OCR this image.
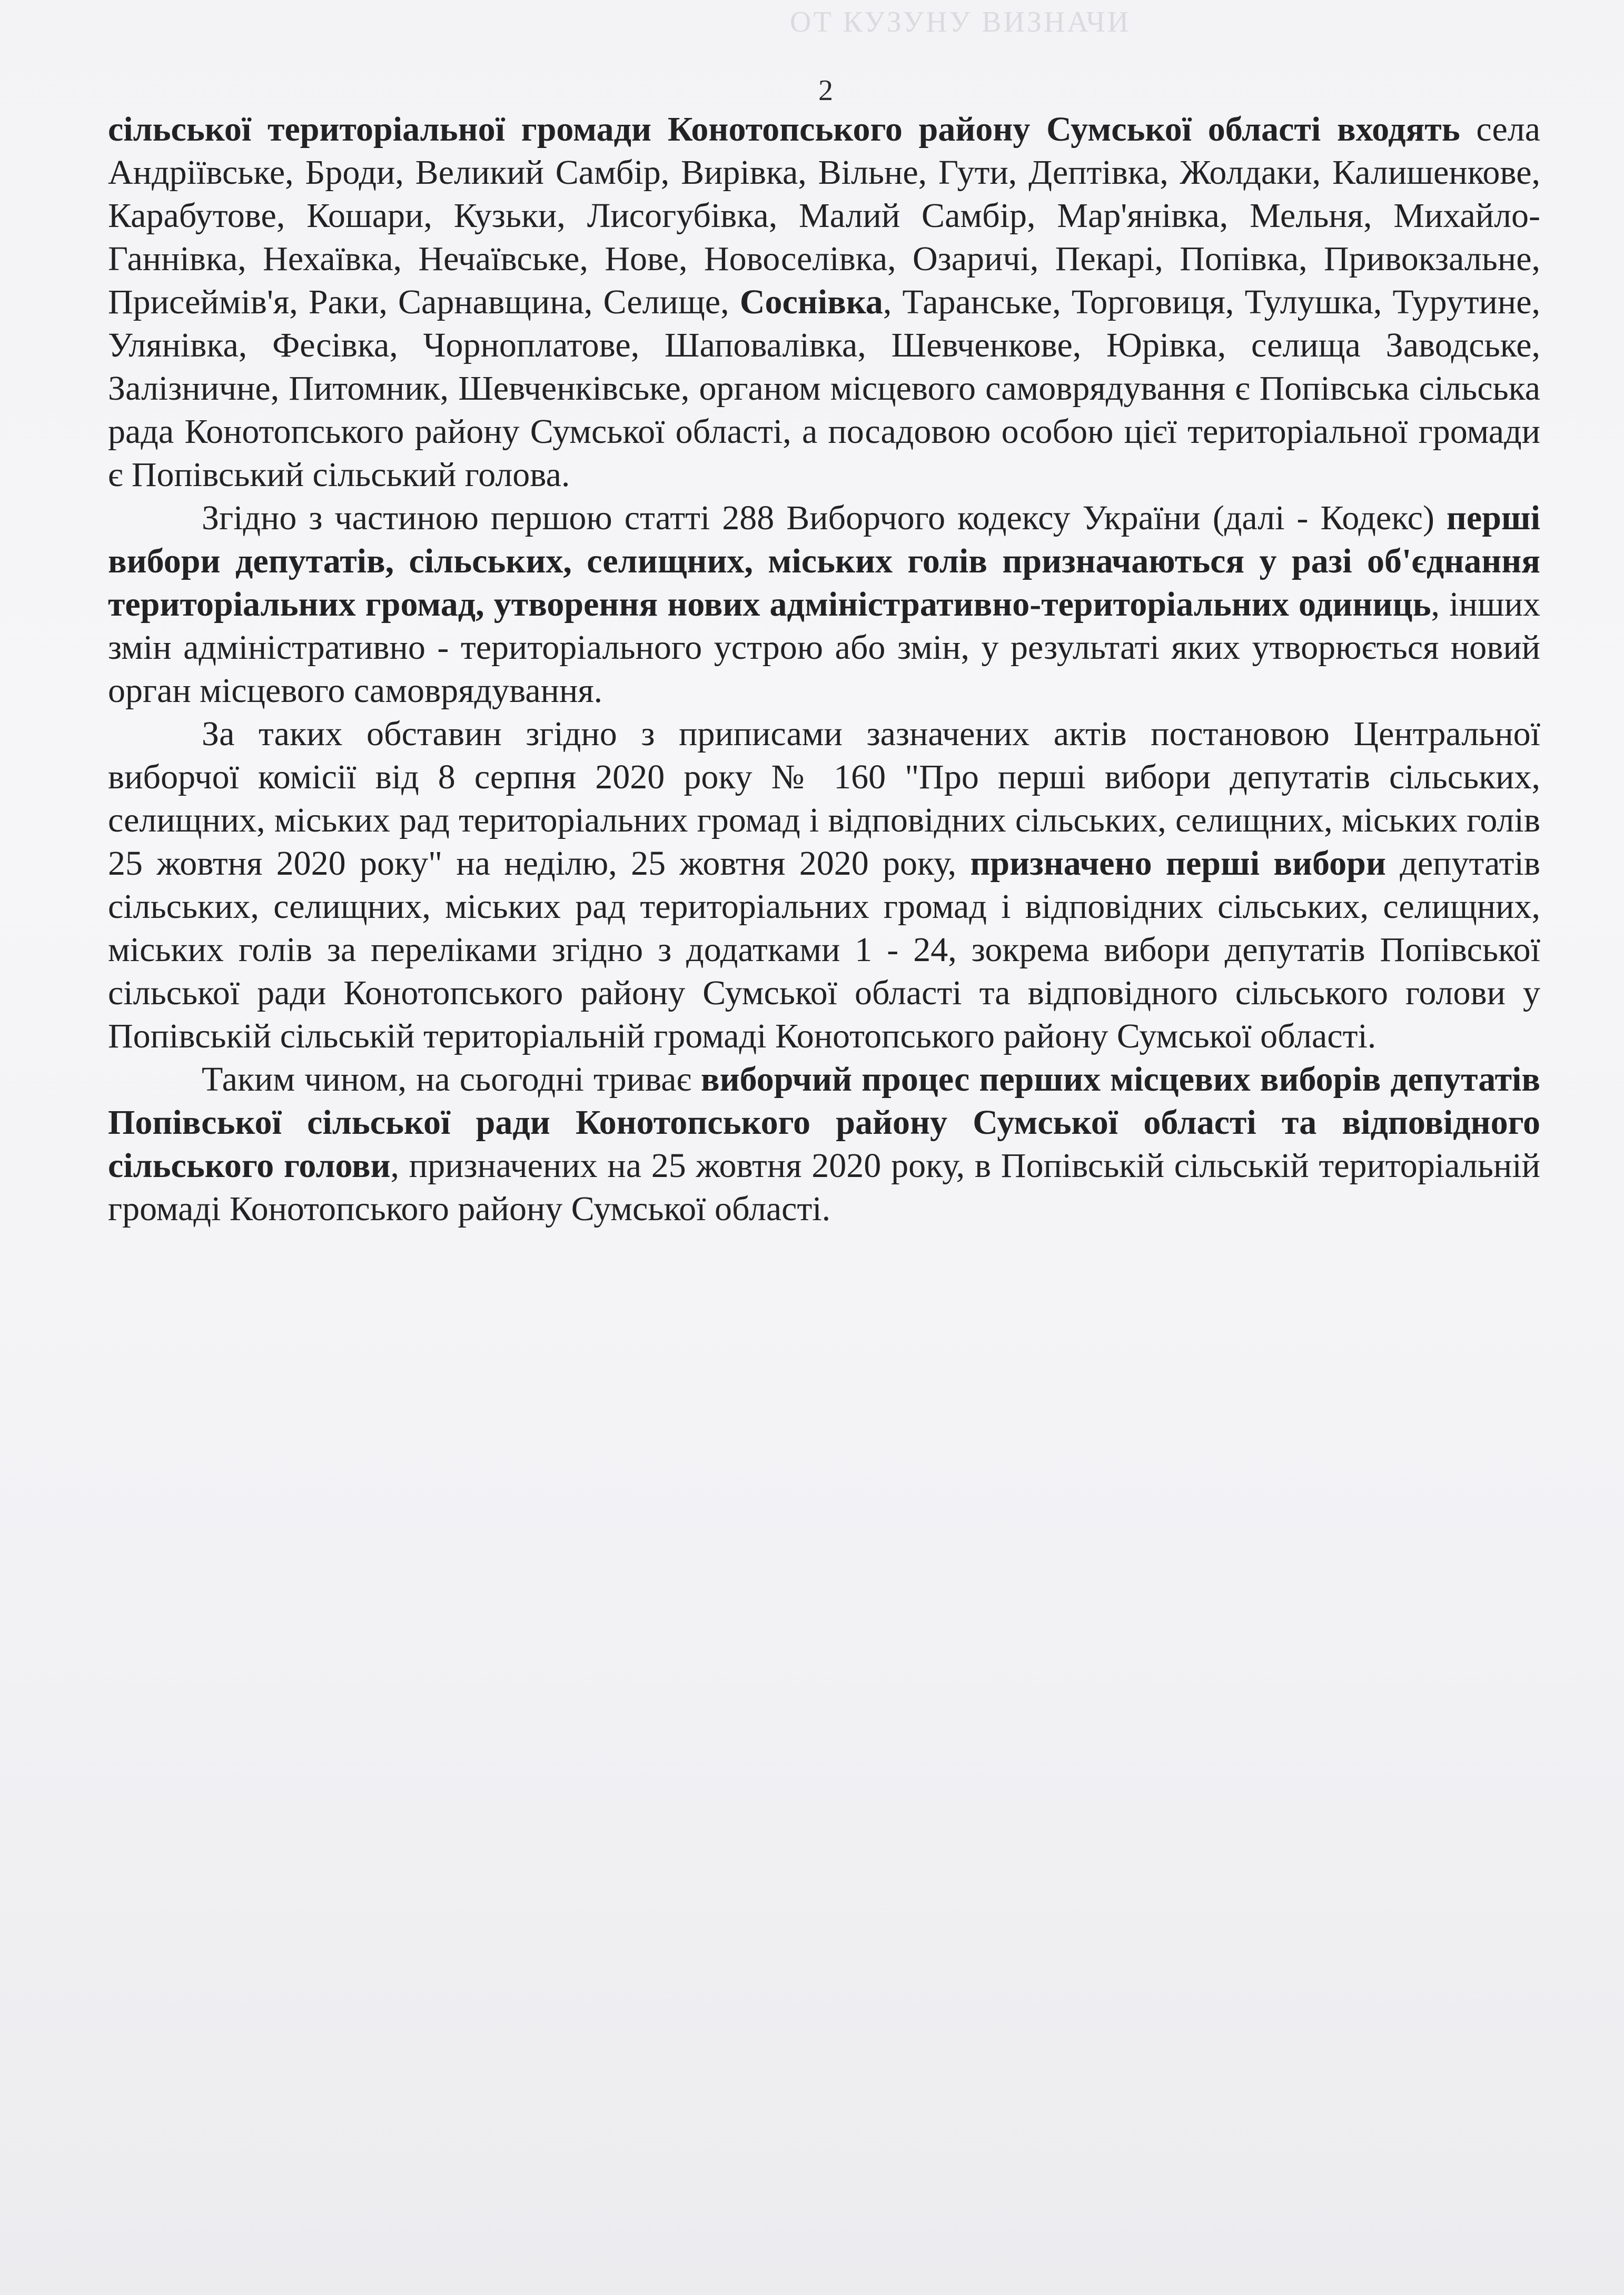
ОТ КУЗУНУ ВИЗНАЧИ
2

сільської територіальної громади Конотопського району Сумської області входять села Андріївське, Броди, Великий Самбір, Вирівка, Вільне, Гути, Дептівка, Жолдаки, Калишенкове, Карабутове, Кошари, Кузьки, Лисогубівка, Малий Самбір, Мар'янівка, Мельня, Михайло-Ганнівка, Нехаївка, Нечаївське, Нове, Новоселівка, Озаричі, Пекарі, Попівка, Привокзальне, Присеймів'я, Раки, Сарнавщина, Селище, Соснівка, Таранське, Торговиця, Тулушка, Турутине, Улянівка, Фесівка, Чорноплатове, Шаповалівка, Шевченкове, Юрівка, селища Заводське, Залізничне, Питомник, Шевченківське, органом місцевого самоврядування є Попівська сільська рада Конотопського району Сумської області, а посадовою особою цієї територіальної громади є Попівський сільський голова.

Згідно з частиною першою статті 288 Виборчого кодексу України (далі - Кодекс) перші вибори депутатів, сільських, селищних, міських голів призначаються у разі об'єднання територіальних громад, утворення нових адміністративно-територіальних одиниць, інших змін адміністративно - територіального устрою або змін, у результаті яких утворюється новий орган місцевого самоврядування.

За таких обставин згідно з приписами зазначених актів постановою Центральної виборчої комісії від 8 серпня 2020 року № 160 "Про перші вибори депутатів сільських, селищних, міських рад територіальних громад і відповідних сільських, селищних, міських голів 25 жовтня 2020 року" на неділю, 25 жовтня 2020 року, призначено перші вибори депутатів сільських, селищних, міських рад територіальних громад і відповідних сільських, селищних, міських голів за переліками згідно з додатками 1 - 24, зокрема вибори депутатів Попівської сільської ради Конотопського району Сумської області та відповідного сільського голови у Попівській сільській територіальній громаді Конотопського району Сумської області.

Таким чином, на сьогодні триває виборчий процес перших місцевих виборів депутатів Попівської сільської ради Конотопського району Сумської області та відповідного сільського голови, призначених на 25 жовтня 2020 року, в Попівській сільській територіальній громаді Конотопського району Сумської області.
